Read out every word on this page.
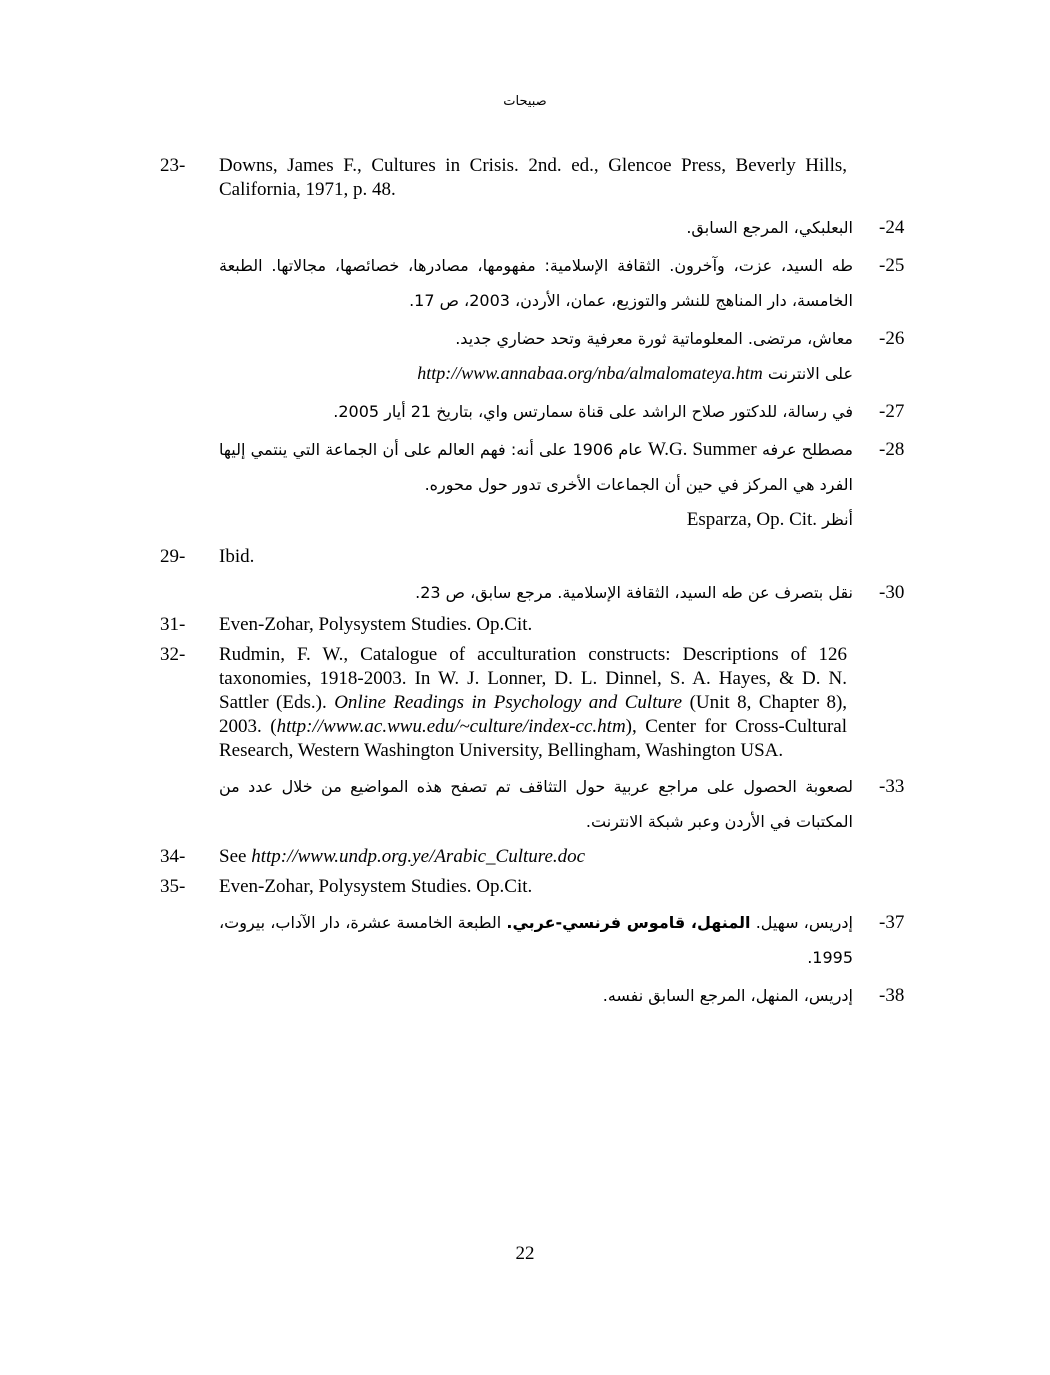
صبيحات
23- Downs, James F., Cultures in Crisis. 2nd. ed., Glencoe Press, Beverly Hills, California, 1971, p. 48.
-24
البعلبكي، المرجع السابق.
-25
طه السيد، عزت، وآخرون. الثقافة الإسلامية: مفهومها، مصادرها، خصائصها، مجالاتها. الطبعة الخامسة، دار المناهج للنشر والتوزيع، عمان، الأردن، 2003، ص 17.
-26
معاش، مرتضى. المعلوماتية ثورة معرفية وتحد حضاري جديد.
على الانترنت http://www.annabaa.org/nba/almalomateya.htm
-27
في رسالة، للدكتور صلاح الراشد على قناة سمارتس واي، بتاريخ 21 أيار 2005.
-28
مصطلح عرفه W.G. Summer عام 1906 على أنه: فهم العالم على أن الجماعة التي ينتمي إليها الفرد هي المركز في حين أن الجماعات الأخرى تدور حول محوره.
أنظر Esparza, Op. Cit.
29- Ibid.
-30
نقل بتصرف عن طه السيد، الثقافة الإسلامية. مرجع سابق، ص 23.
31- Even-Zohar, Polysystem Studies. Op.Cit.
32- Rudmin, F. W., Catalogue of acculturation constructs: Descriptions of 126 taxonomies, 1918-2003. In W. J. Lonner, D. L. Dinnel, S. A. Hayes, & D. N. Sattler (Eds.). Online Readings in Psychology and Culture (Unit 8, Chapter 8), 2003. (http://www.ac.wwu.edu/~culture/index-cc.htm), Center for Cross-Cultural Research, Western Washington University, Bellingham, Washington USA.
-33
لصعوبة الحصول على مراجع عربية حول التثاقف تم تصفح هذه المواضيع من خلال عدد من المكتبات في الأردن وعبر شبكة الانترنت.
34- See http://www.undp.org.ye/Arabic_Culture.doc
35- Even-Zohar, Polysystem Studies. Op.Cit.
-37
إدريس، سهيل. المنهل، قاموس فرنسي-عربي. الطبعة الخامسة عشرة، دار الآداب، بيروت، 1995.
-38
إدريس، المنهل، المرجع السابق نفسه.
22
